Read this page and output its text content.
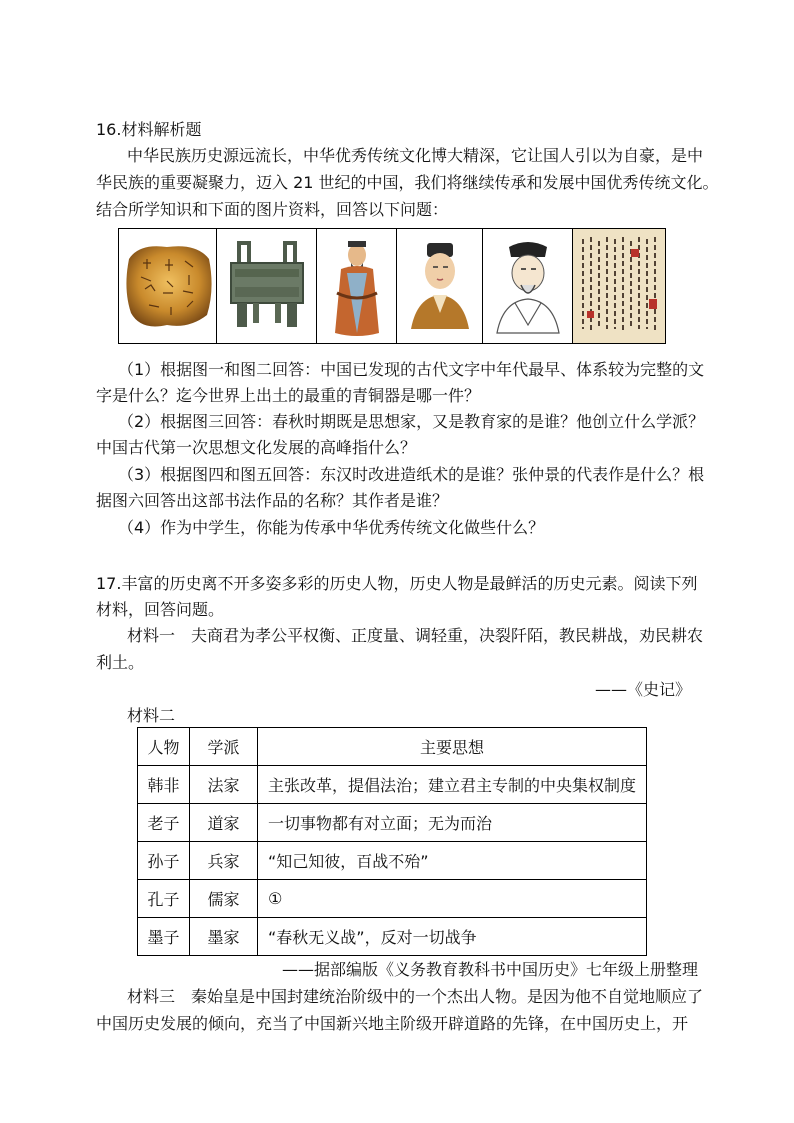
16.材料解析题
中华民族历史源远流长，中华优秀传统文化博大精深，它让国人引以为自豪，是中
华民族的重要凝聚力，迈入 21 世纪的中国，我们将继续传承和发展中国优秀传统文化。
结合所学知识和下面的图片资料，回答以下问题：
（1）根据图一和图二回答：中国已发现的古代文字中年代最早、体系较为完整的文
字是什么？迄今世界上出土的最重的青铜器是哪一件？
（2）根据图三回答：春秋时期既是思想家，又是教育家的是谁？他创立什么学派？
中国古代第一次思想文化发展的高峰指什么？
（3）根据图四和图五回答：东汉时改进造纸术的是谁？张仲景的代表作是什么？根
据图六回答出这部书法作品的名称？其作者是谁？
（4）作为中学生，你能为传承中华优秀传统文化做些什么？
17.丰富的历史离不开多姿多彩的历史人物，历史人物是最鲜活的历史元素。阅读下列
材料，回答问题。
材料一　夫商君为孝公平权衡、正度量、调轻重，决裂阡陌，教民耕战，劝民耕农
利土。
——《史记》
材料二
人物	学派	主要思想
韩非	法家	主张改革，提倡法治；建立君主专制的中央集权制度
老子	道家	一切事物都有对立面；无为而治
孙子	兵家	“知己知彼，百战不殆”
孔子	儒家	①
墨子	墨家	“春秋无义战”，反对一切战争
——据部编版《义务教育教科书中国历史》七年级上册整理
材料三　秦始皇是中国封建统治阶级中的一个杰出人物。是因为他不自觉地顺应了
中国历史发展的倾向，充当了中国新兴地主阶级开辟道路的先锋，在中国历史上，开
